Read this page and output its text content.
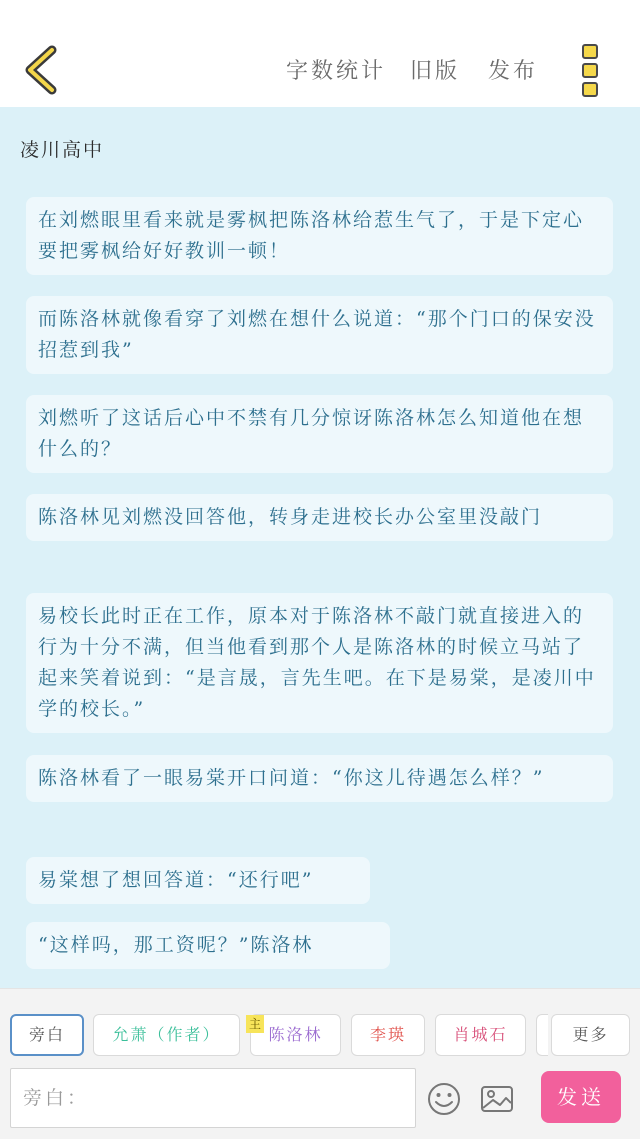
字数统计 旧版 发布
凌川高中
在刘燃眼里看来就是雾枫把陈洛林给惹生气了，于是下定心要把雾枫给好好教训一顿！
而陈洛林就像看穿了刘燃在想什么说道：“那个门口的保安没招惹到我”
刘燃听了这话后心中不禁有几分惊讶陈洛林怎么知道他在想什么的？
陈洛林见刘燃没回答他，转身走进校长办公室里没敲门
易校长此时正在工作，原本对于陈洛林不敲门就直接进入的行为十分不满，但当他看到那个人是陈洛林的时候立马站了起来笑着说到：“是言晟，言先生吧。在下是易棠，是凌川中学的校长。”
陈洛林看了一眼易棠开口问道：“你这儿待遇怎么样？”
易棠想了想回答道：“还行吧”
“这样吗，那工资呢？”陈洛林
旁白	允萧（作者）	陈洛林
主
李瑛	肖城石	更多
旁白：	发送
